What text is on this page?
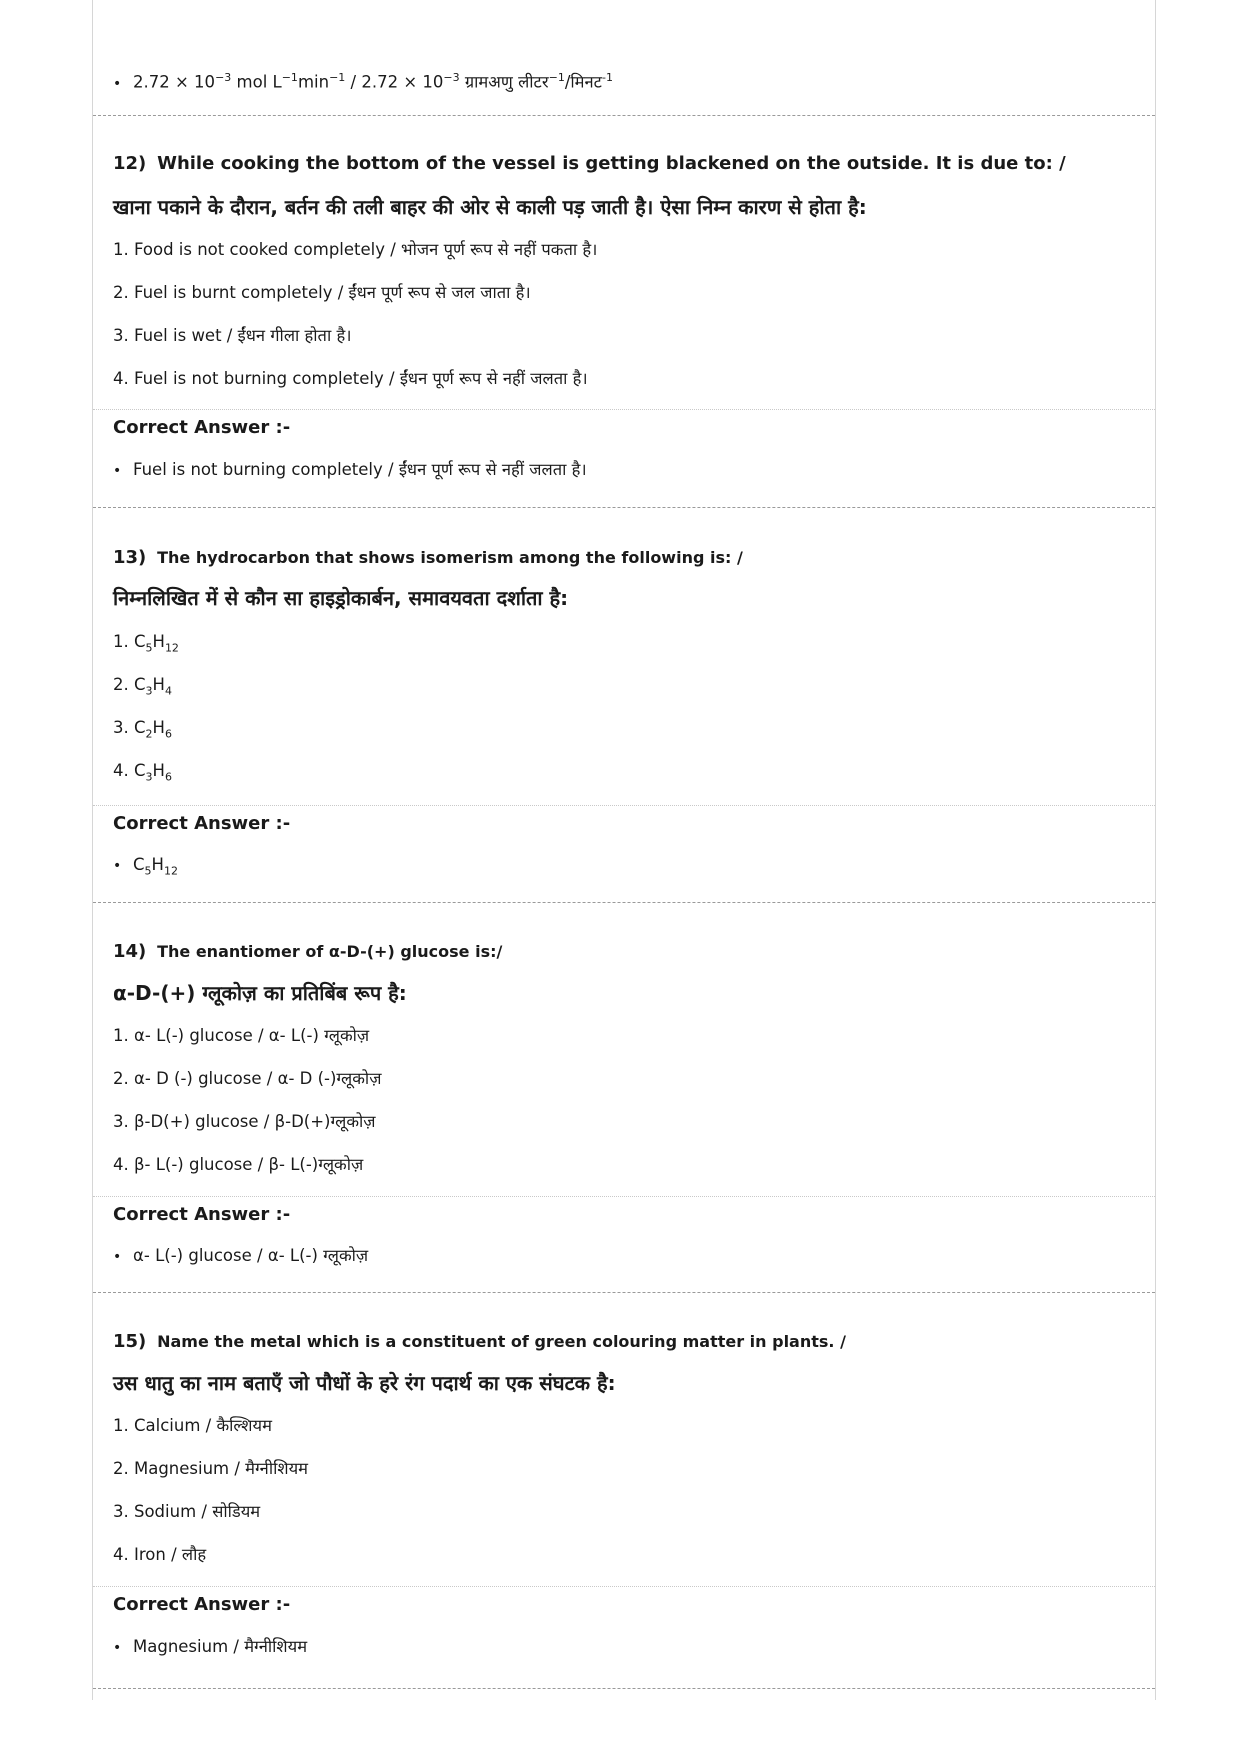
• $2.72 \times 10^{-3}$ mol $L^{-1}\min^{-1} / 2.72 \times 10^{-3}$ ग्रामअणु लीटर$^{-1}$/मिनट$^{-1}$
12) While cooking the bottom of the vessel is getting blackened on the outside. It is due to: /
खाना पकाने के दौरान, बर्तन की तली बाहर की ओर से काली पड़ जाती है। ऐसा निम्न कारण से होता है:
1. Food is not cooked completely / भोजन पूर्ण रूप से नहीं पकता है।
2. Fuel is burnt completely / ईंधन पूर्ण रूप से जल जाता है।
3. Fuel is wet / ईंधन गीला होता है।
4. Fuel is not burning completely / ईंधन पूर्ण रूप से नहीं जलता है।
Correct Answer :-
• Fuel is not burning completely / ईंधन पूर्ण रूप से नहीं जलता है।
13) The hydrocarbon that shows isomerism among the following is: /
निम्नलिखित में से कौन सा हाइड्रोकार्बन, समावयवता दर्शाता है:
1. $C_5H_{12}$
2. $C_3H_4$
3. $C_2H_6$
4. $C_3H_6$
Correct Answer :-
• $C_5H_{12}$
14) The enantiomer of α-D-(+) glucose is:/
α-D-(+) ग्लूकोज़ का प्रतिबिंब रूप है:
1. α- L(-) glucose / α- L(-) ग्लूकोज़
2. α- D (-) glucose / α- D (-)ग्लूकोज़
3. β-D(+) glucose / β-D(+)ग्लूकोज़
4. β- L(-) glucose / β- L(-)ग्लूकोज़
Correct Answer :-
• α- L(-) glucose / α- L(-) ग्लूकोज़
15) Name the metal which is a constituent of green colouring matter in plants. /
उस धातु का नाम बताएँ जो पौधों के हरे रंग पदार्थ का एक संघटक है:
1. Calcium / कैल्शियम
2. Magnesium / मैग्नीशियम
3. Sodium / सोडियम
4. Iron / लौह
Correct Answer :-
• Magnesium / मैग्नीशियम
